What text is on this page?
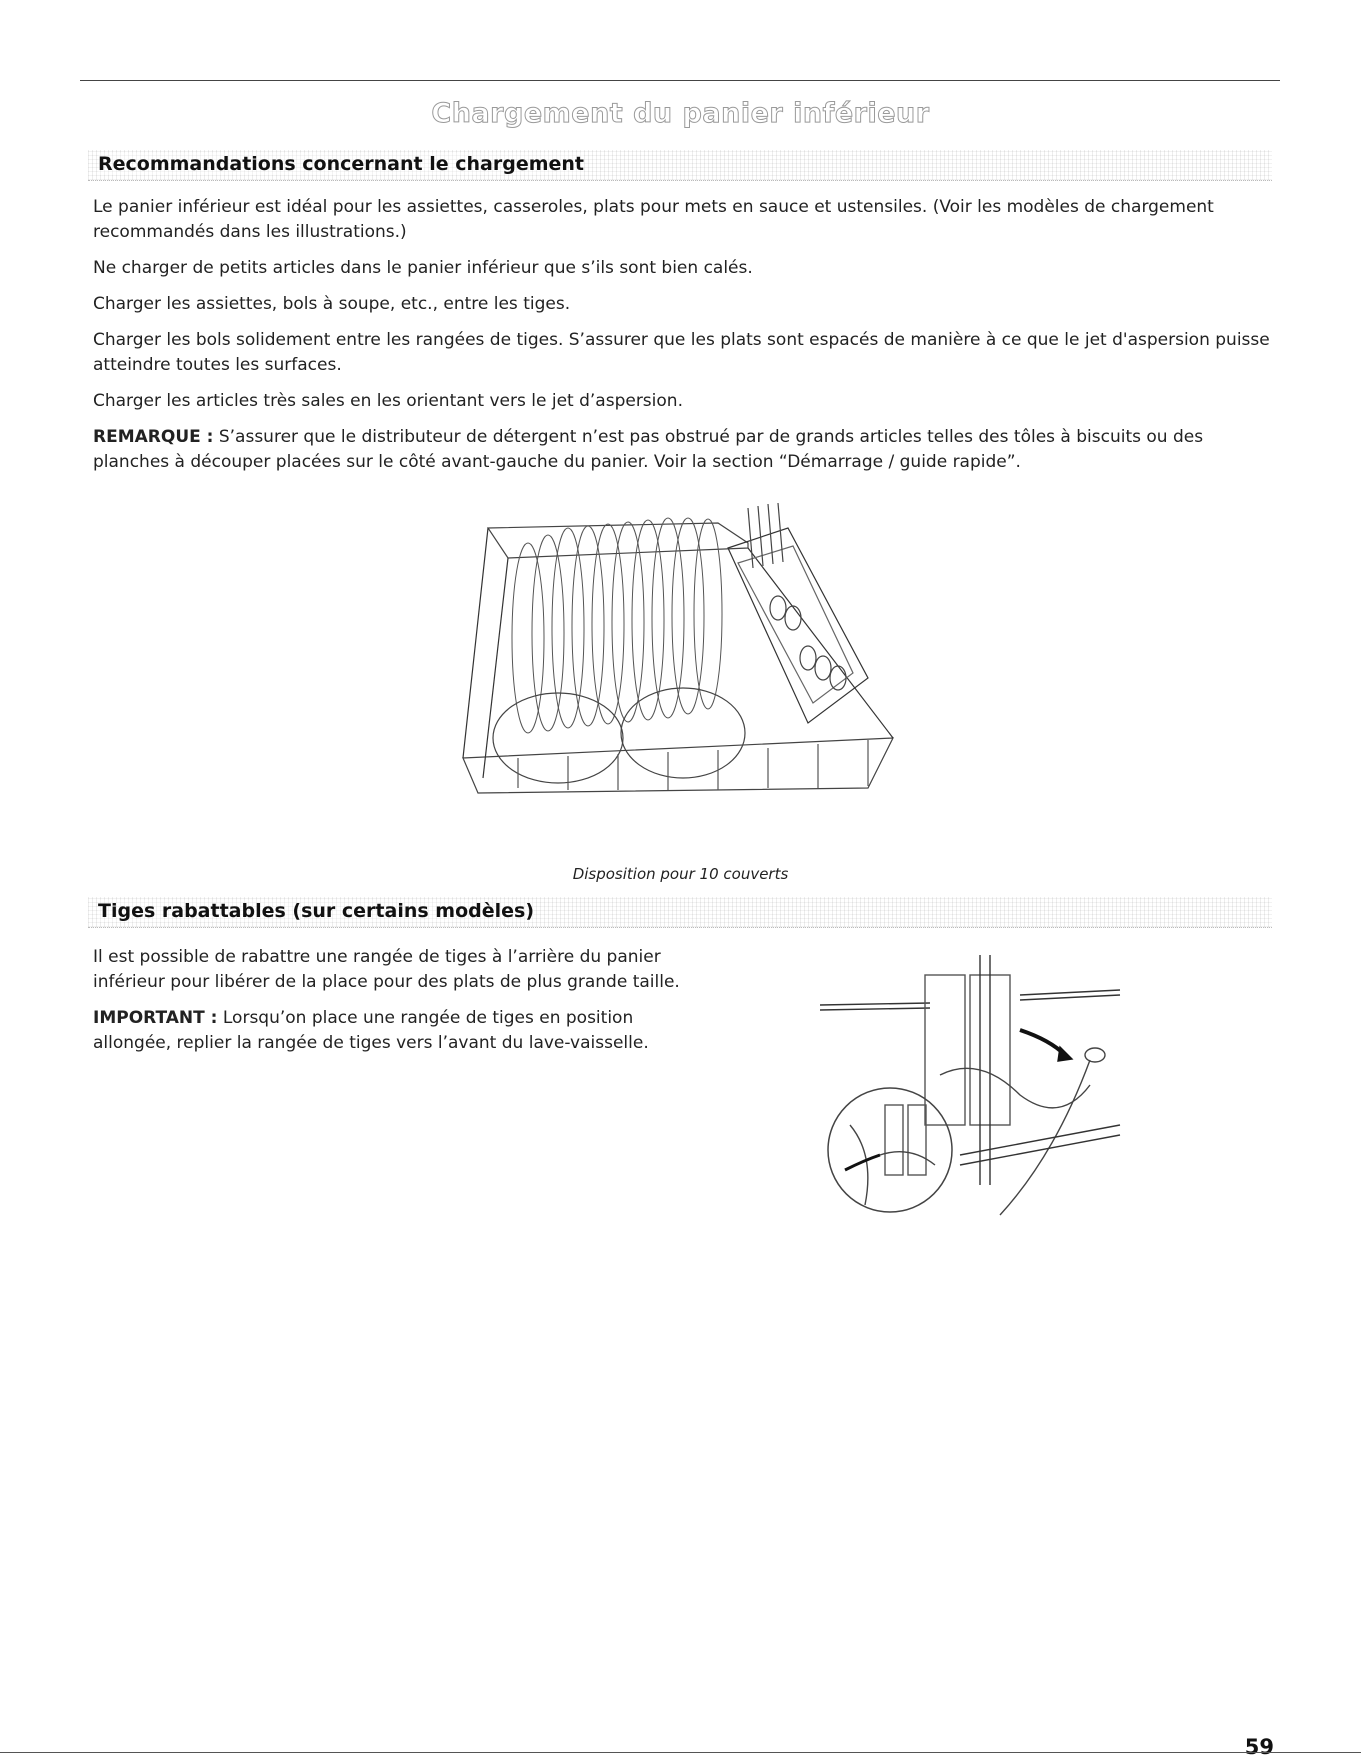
Chargement du panier inférieur
Recommandations concernant le chargement

Le panier inférieur est idéal pour les assiettes, casseroles, plats pour mets en sauce et ustensiles. (Voir les modèles de chargement recommandés dans les illustrations.)

Ne charger de petits articles dans le panier inférieur que s’ils sont bien calés.

Charger les assiettes, bols à soupe, etc., entre les tiges.

Charger les bols solidement entre les rangées de tiges. S’assurer que les plats sont espacés de manière à ce que le jet d'aspersion puisse atteindre toutes les surfaces.

Charger les articles très sales en les orientant vers le jet d’aspersion.

REMARQUE : S’assurer que le distributeur de détergent n’est pas obstrué par de grands articles telles des tôles à biscuits ou des planches à découper placées sur le côté avant-gauche du panier. Voir la section “Démarrage / guide rapide”.

Disposition pour 10 couverts
Tiges rabattables (sur certains modèles)

Il est possible de rabattre une rangée de tiges à l’arrière du panier inférieur pour libérer de la place pour des plats de plus grande taille.

IMPORTANT : Lorsqu’on place une rangée de tiges en position allongée, replier la rangée de tiges vers l’avant du lave-vaisselle.

59
